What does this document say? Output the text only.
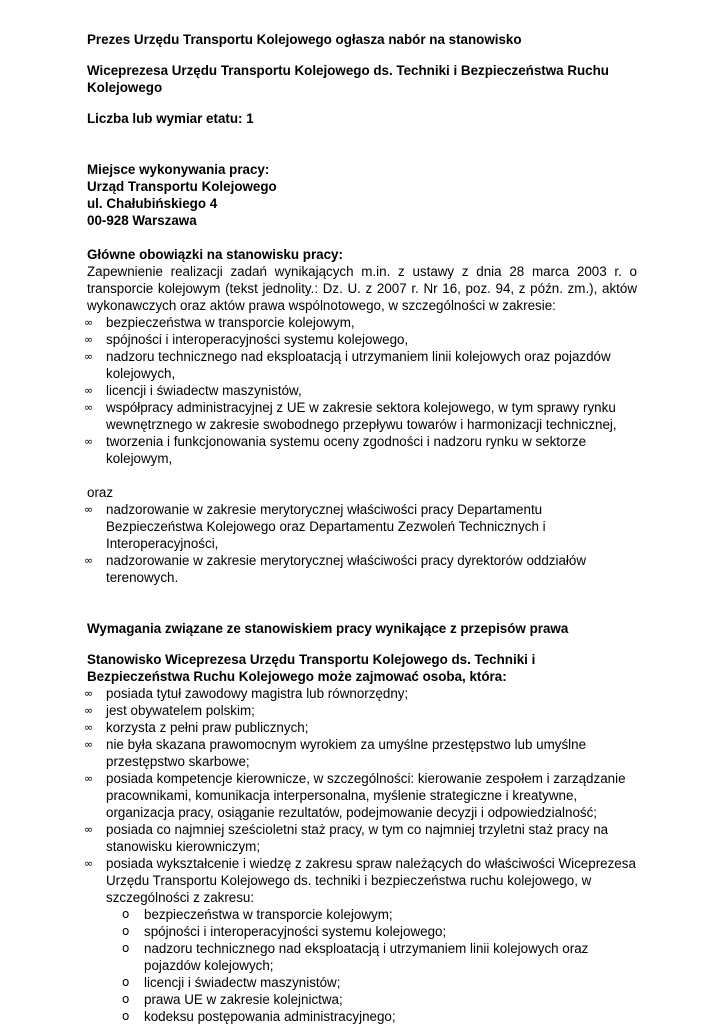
Prezes Urzędu Transportu Kolejowego ogłasza nabór na stanowisko
Wiceprezesa Urzędu Transportu Kolejowego ds. Techniki i Bezpieczeństwa Ruchu Kolejowego
Liczba lub wymiar etatu: 1
Miejsce wykonywania pracy:
Urząd Transportu Kolejowego
ul. Chałubińskiego 4
00-928 Warszawa
Główne obowiązki na stanowisku pracy:
Zapewnienie realizacji zadań wynikających m.in. z ustawy z dnia 28 marca 2003 r. o transporcie kolejowym (tekst jednolity.: Dz. U. z 2007 r. Nr 16, poz. 94, z późn. zm.), aktów wykonawczych oraz aktów prawa wspólnotowego, w szczególności w zakresie:
∞ bezpieczeństwa w transporcie kolejowym,
∞ spójności i interoperacyjności systemu kolejowego,
∞ nadzoru technicznego nad eksploatacją i utrzymaniem linii kolejowych oraz pojazdów kolejowych,
∞ licencji i świadectw maszynistów,
∞ współpracy administracyjnej z UE w zakresie sektora kolejowego, w tym sprawy rynku wewnętrznego w zakresie swobodnego przepływu towarów i harmonizacji technicznej,
∞ tworzenia i funkcjonowania systemu oceny zgodności i nadzoru rynku w sektorze kolejowym,
oraz
∞ nadzorowanie w zakresie merytorycznej właściwości pracy Departamentu Bezpieczeństwa Kolejowego oraz Departamentu Zezwoleń Technicznych i Interoperacyjności,
∞ nadzorowanie w zakresie merytorycznej właściwości pracy dyrektorów oddziałów terenowych.
Wymagania związane ze stanowiskiem pracy wynikające z przepisów prawa
Stanowisko Wiceprezesa Urzędu Transportu Kolejowego ds. Techniki i Bezpieczeństwa Ruchu Kolejowego może zajmować osoba, która:
∞ posiada tytuł zawodowy magistra lub równorzędny;
∞ jest obywatelem polskim;
∞ korzysta z pełni praw publicznych;
∞ nie była skazana prawomocnym wyrokiem za umyślne przestępstwo lub umyślne przestępstwo skarbowe;
∞ posiada kompetencje kierownicze, w szczególności: kierowanie zespołem i zarządzanie pracownikami, komunikacja interpersonalna, myślenie strategiczne i kreatywne, organizacja pracy, osiąganie rezultatów, podejmowanie decyzji i odpowiedzialność;
∞ posiada co najmniej sześcioletni staż pracy, w tym co najmniej trzyletni staż pracy na stanowisku kierowniczym;
∞ posiada wykształcenie i wiedzę z zakresu spraw należących do właściwości Wiceprezesa Urzędu Transportu Kolejowego ds. techniki i bezpieczeństwa ruchu kolejowego, w szczególności z zakresu:
o bezpieczeństwa w transporcie kolejowym;
o spójności i interoperacyjności systemu kolejowego;
o nadzoru technicznego nad eksploatacją i utrzymaniem linii kolejowych oraz pojazdów kolejowych;
o licencji i świadectw maszynistów;
o prawa UE w zakresie kolejnictwa;
o kodeksu postępowania administracyjnego;
